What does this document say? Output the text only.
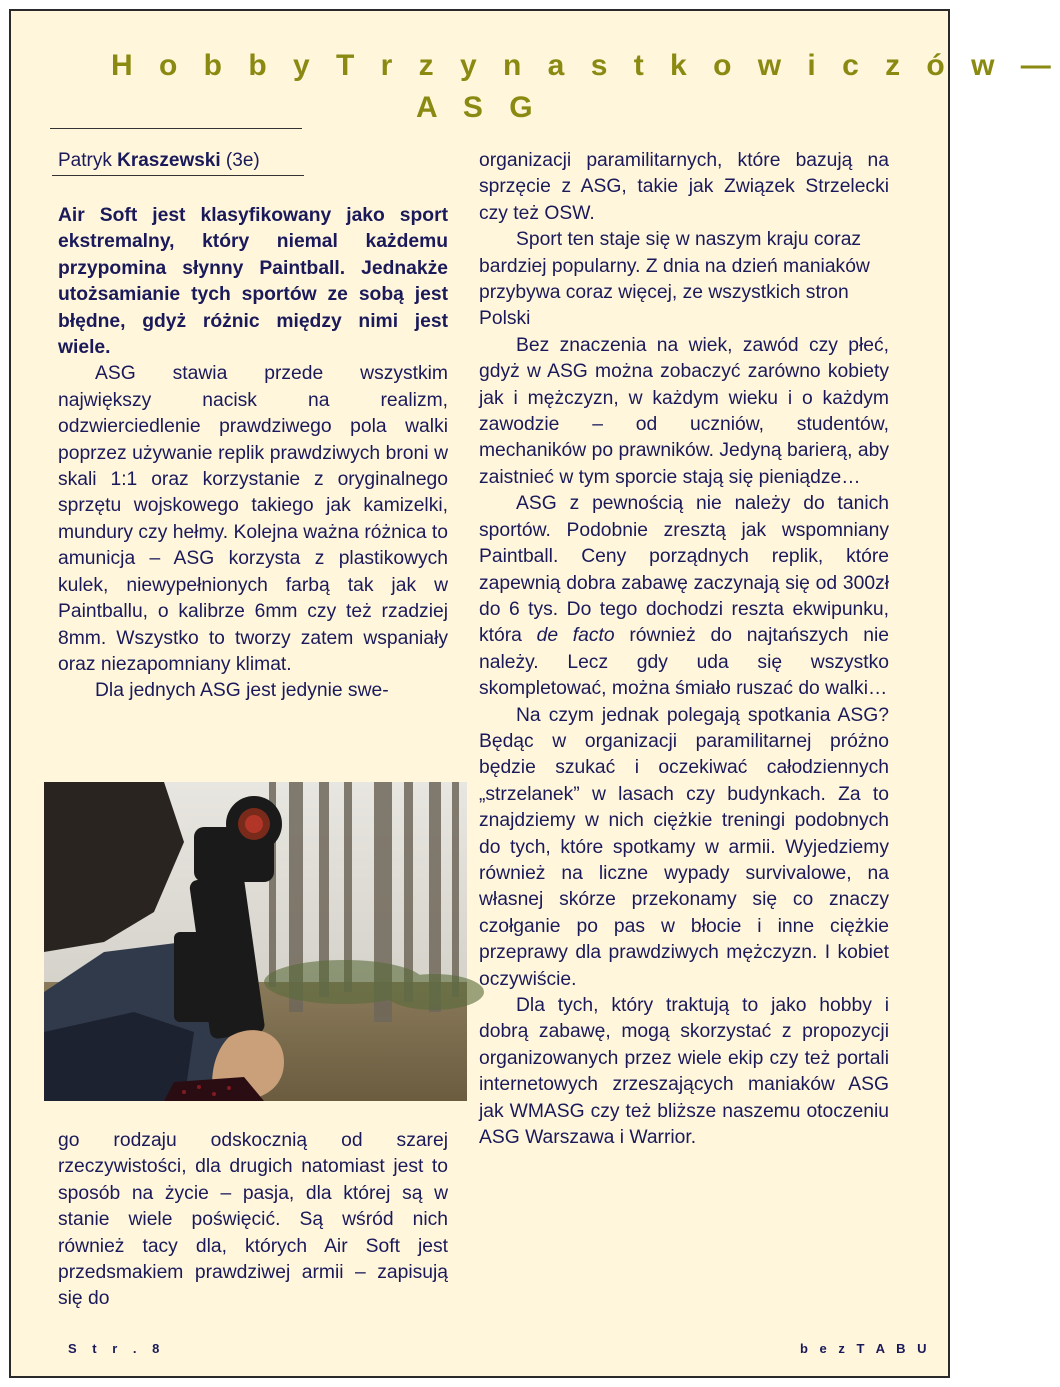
H o b b y T r z y n a s t k o w i c z ó w —
A S G
Patryk Kraszewski (3e)

Air Soft jest klasyfikowany jako sport ekstremalny, który niemal każdemu przypomina słynny Paintball. Jednakże utożsamianie tych sportów ze sobą jest błędne, gdyż różnic między nimi jest wiele.

ASG stawia przede wszystkim największy nacisk na realizm, odzwierciedlenie prawdziwego pola walki poprzez używanie replik prawdziwych broni w skali 1:1 oraz korzystanie z oryginalnego sprzętu wojskowego takiego jak kamizelki, mundury czy hełmy. Kolejna ważna różnica to amunicja – ASG korzysta z plastikowych kulek, niewypełnionych farbą tak jak w Paintballu, o kalibrze 6mm czy też rzadziej 8mm. Wszystko to tworzy zatem wspaniały oraz niezapomniany klimat.

Dla jednych ASG jest jedynie swe-

go rodzaju odskocznią od szarej rzeczywistości, dla drugich natomiast jest to sposób na życie – pasja, dla której są w stanie wiele poświęcić. Są wśród nich również tacy dla, których Air Soft jest przedsmakiem prawdziwej armii – zapisują się do

organizacji paramilitarnych, które bazują na sprzęcie z ASG, takie jak Związek Strzelecki czy też OSW.

Sport ten staje się w naszym kraju coraz bardziej popularny. Z dnia na dzień maniaków przybywa coraz więcej, ze wszystkich stron Polski

Bez znaczenia na wiek, zawód czy płeć, gdyż w ASG można zobaczyć zarówno kobiety jak i mężczyzn, w każdym wieku i o każdym zawodzie – od uczniów, studentów, mechaników po prawników. Jedyną barierą, aby zaistnieć w tym sporcie stają się pieniądze…

ASG z pewnością nie należy do tanich sportów. Podobnie zresztą jak wspomniany Paintball. Ceny porządnych replik, które zapewnią dobra zabawę zaczynają się od 300zł do 6 tys. Do tego dochodzi reszta ekwipunku, która de facto również do najtańszych nie należy. Lecz gdy uda się wszystko skompletować, można śmiało ruszać do walki…

Na czym jednak polegają spotkania ASG? Będąc w organizacji paramilitarnej próżno będzie szukać i oczekiwać całodziennych „strzelanek” w lasach czy budynkach. Za to znajdziemy w nich ciężkie treningi podobnych do tych, które spotkamy w armii. Wyjedziemy również na liczne wypady survivalowe, na własnej skórze przekonamy się co znaczy czołganie po pas w błocie i inne ciężkie przeprawy dla prawdziwych mężczyzn. I kobiet oczywiście.

Dla tych, który traktują to jako hobby i dobrą zabawę, mogą skorzystać z propozycji organizowanych przez wiele ekip czy też portali internetowych zrzeszających maniaków ASG jak WMASG czy też bliższe naszemu otoczeniu ASG Warszawa i Warrior.

S t r . 8	b e z T A B U
